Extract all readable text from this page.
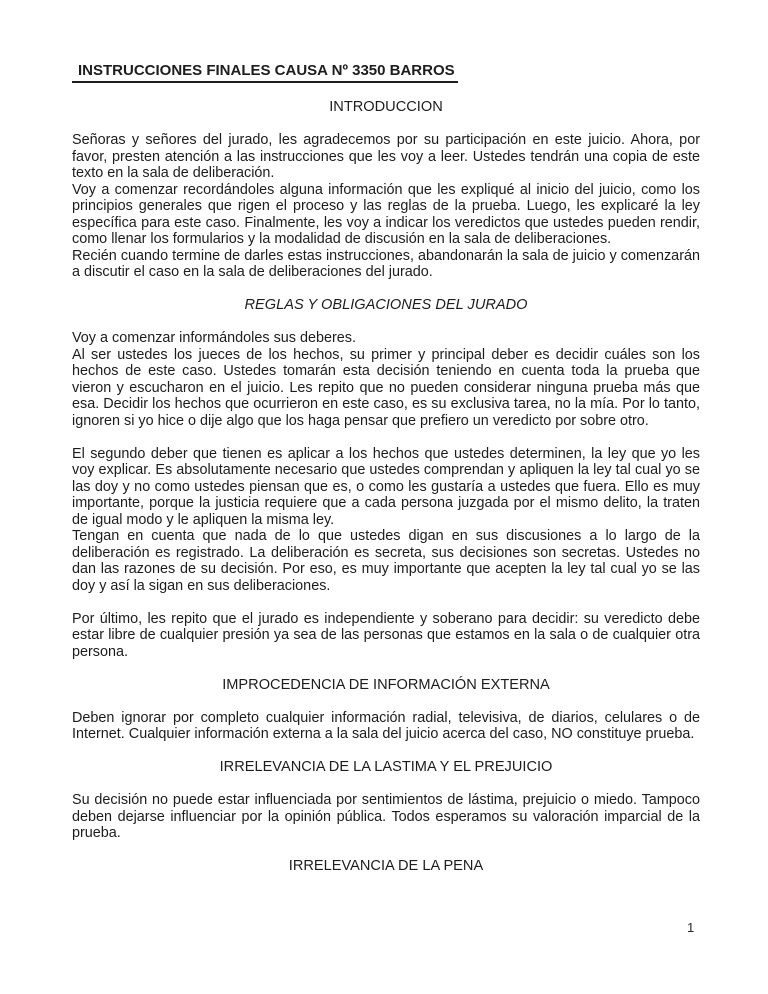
INSTRUCCIONES FINALES CAUSA Nº 3350 BARROS
INTRODUCCION
Señoras y señores del jurado, les agradecemos por su participación en este juicio. Ahora, por favor, presten atención a las instrucciones que les voy a leer. Ustedes tendrán una copia de este texto en la sala de deliberación.
Voy a comenzar recordándoles alguna información que les expliqué al inicio del juicio, como los principios generales que rigen el proceso y las reglas de la prueba. Luego, les explicaré la ley específica para este caso. Finalmente, les voy a indicar los veredictos que ustedes pueden rendir, como llenar los formularios y la modalidad de discusión en la sala de deliberaciones.
Recién cuando termine de darles estas instrucciones, abandonarán la sala de juicio y comenzarán a discutir el caso en la sala de deliberaciones del jurado.
REGLAS Y OBLIGACIONES DEL JURADO
Voy a comenzar informándoles sus deberes.
Al ser ustedes los jueces de los hechos, su primer y principal deber es decidir cuáles son los hechos de este caso. Ustedes tomarán esta decisión teniendo en cuenta toda la prueba que vieron y escucharon en el juicio. Les repito que no pueden considerar ninguna prueba más que esa. Decidir los hechos que ocurrieron en este caso, es su exclusiva tarea, no la mía. Por lo tanto, ignoren si yo hice o dije algo que los haga pensar que prefiero un veredicto por sobre otro.
El segundo deber que tienen es aplicar a los hechos que ustedes determinen, la ley que yo les voy explicar. Es absolutamente necesario que ustedes comprendan y apliquen la ley tal cual yo se las doy y no como ustedes piensan que es, o como les gustaría a ustedes que fuera. Ello es muy importante, porque la justicia requiere que a cada persona juzgada por el mismo delito, la traten de igual modo y le apliquen la misma ley.
Tengan en cuenta que nada de lo que ustedes digan en sus discusiones a lo largo de la deliberación es registrado. La deliberación es secreta, sus decisiones son secretas. Ustedes no dan las razones de su decisión. Por eso, es muy importante que acepten la ley tal cual yo se las doy y así la sigan en sus deliberaciones.
Por último, les repito que el jurado es independiente y soberano para decidir: su veredicto debe estar libre de cualquier presión ya sea de las personas que estamos en la sala o de cualquier otra persona.
IMPROCEDENCIA DE INFORMACIÓN EXTERNA
Deben ignorar por completo cualquier información radial, televisiva, de diarios, celulares o de Internet. Cualquier información externa a la sala del juicio acerca del caso, NO constituye prueba.
IRRELEVANCIA DE LA LASTIMA Y EL PREJUICIO
Su decisión no puede estar influenciada por sentimientos de lástima, prejuicio o miedo. Tampoco deben dejarse influenciar por la opinión pública. Todos esperamos su valoración imparcial de la prueba.
IRRELEVANCIA DE LA PENA
1
